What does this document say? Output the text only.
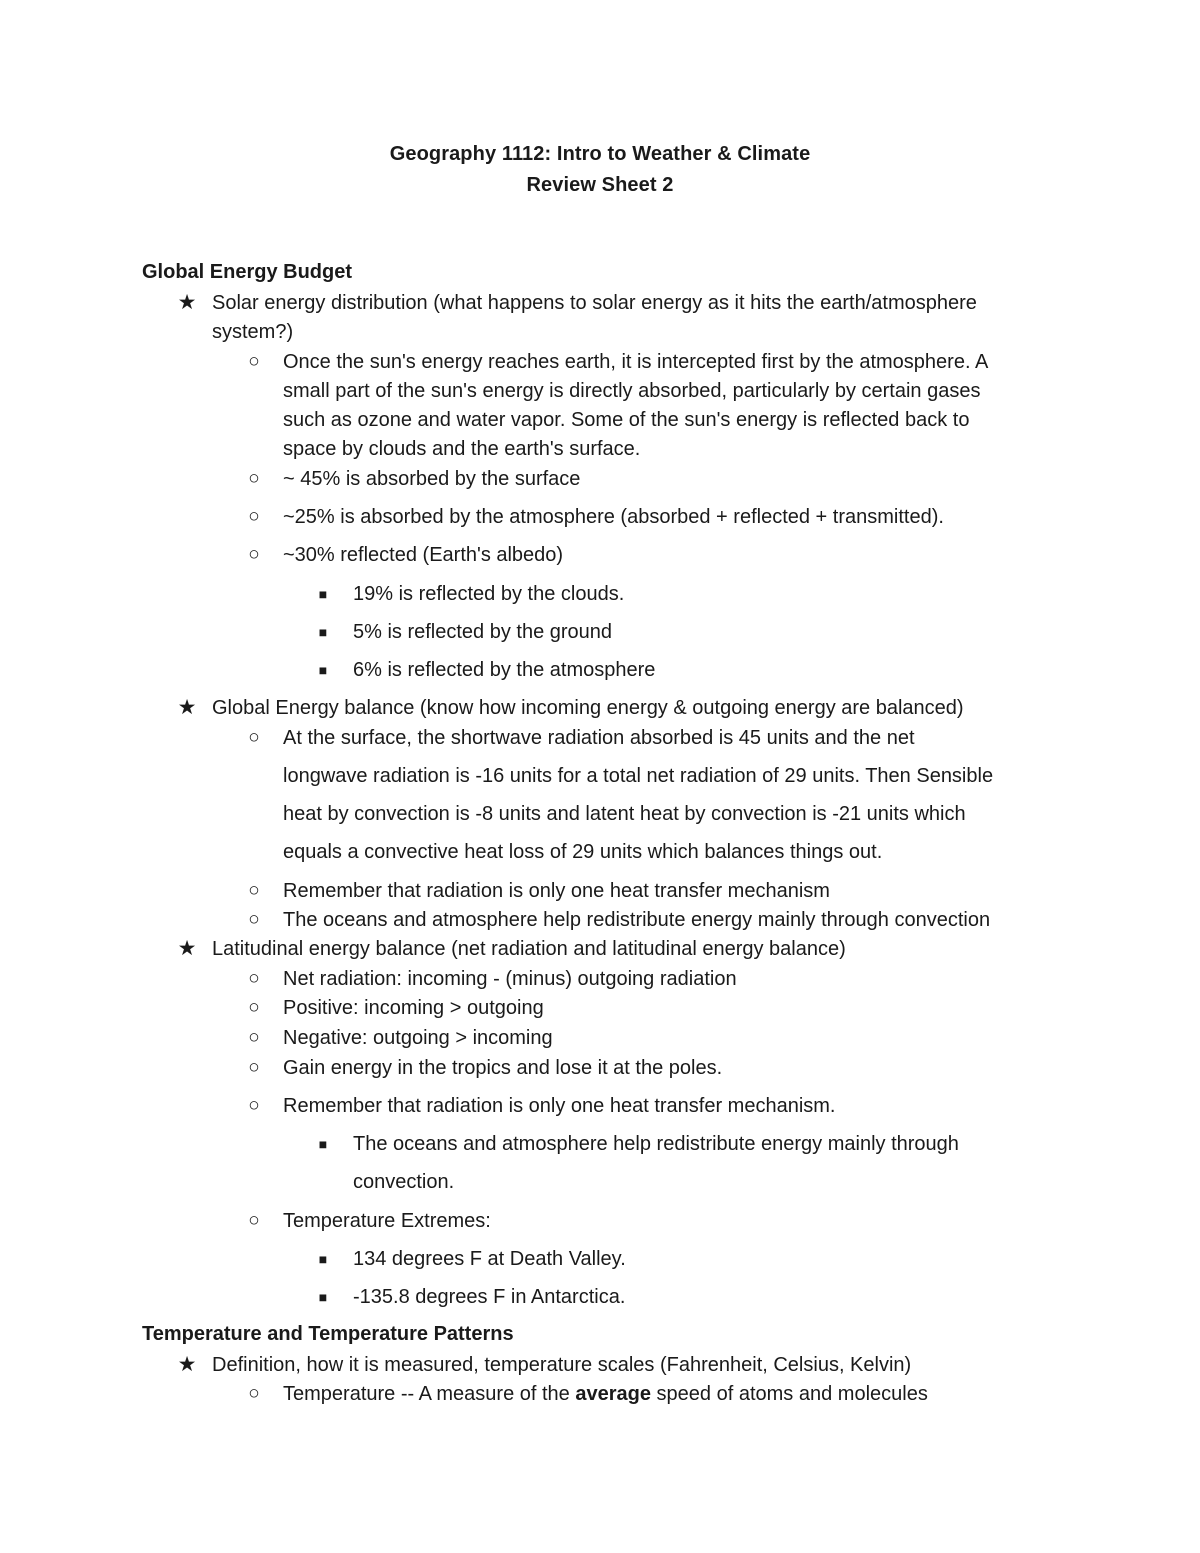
Geography 1112: Intro to Weather & Climate
Review Sheet 2
Global Energy Budget
★ Solar energy distribution (what happens to solar energy as it hits the earth/atmosphere
system?)
○ Once the sun's energy reaches earth, it is intercepted first by the atmosphere. A
small part of the sun's energy is directly absorbed, particularly by certain gases
such as ozone and water vapor. Some of the sun's energy is reflected back to
space by clouds and the earth's surface.
○ ~ 45% is absorbed by the surface
○ ~25% is absorbed by the atmosphere (absorbed + reflected + transmitted).
○ ~30% reflected (Earth's albedo)
■ 19% is reflected by the clouds.
■ 5% is reflected by the ground
■ 6% is reflected by the atmosphere
★ Global Energy balance (know how incoming energy & outgoing energy are balanced)
○ At the surface, the shortwave radiation absorbed is 45 units and the net
longwave radiation is -16 units for a total net radiation of 29 units. Then Sensible
heat by convection is -8 units and latent heat by convection is -21 units which
equals a convective heat loss of 29 units which balances things out.
○ Remember that radiation is only one heat transfer mechanism
○ The oceans and atmosphere help redistribute energy mainly through convection
★ Latitudinal energy balance (net radiation and latitudinal energy balance)
○ Net radiation: incoming - (minus) outgoing radiation
○ Positive: incoming > outgoing
○ Negative: outgoing > incoming
○ Gain energy in the tropics and lose it at the poles.
○ Remember that radiation is only one heat transfer mechanism.
■ The oceans and atmosphere help redistribute energy mainly through
convection.
○ Temperature Extremes:
■ 134 degrees F at Death Valley.
■ -135.8 degrees F in Antarctica.
Temperature and Temperature Patterns
★ Definition, how it is measured, temperature scales (Fahrenheit, Celsius, Kelvin)
○ Temperature -- A measure of the average speed of atoms and molecules
